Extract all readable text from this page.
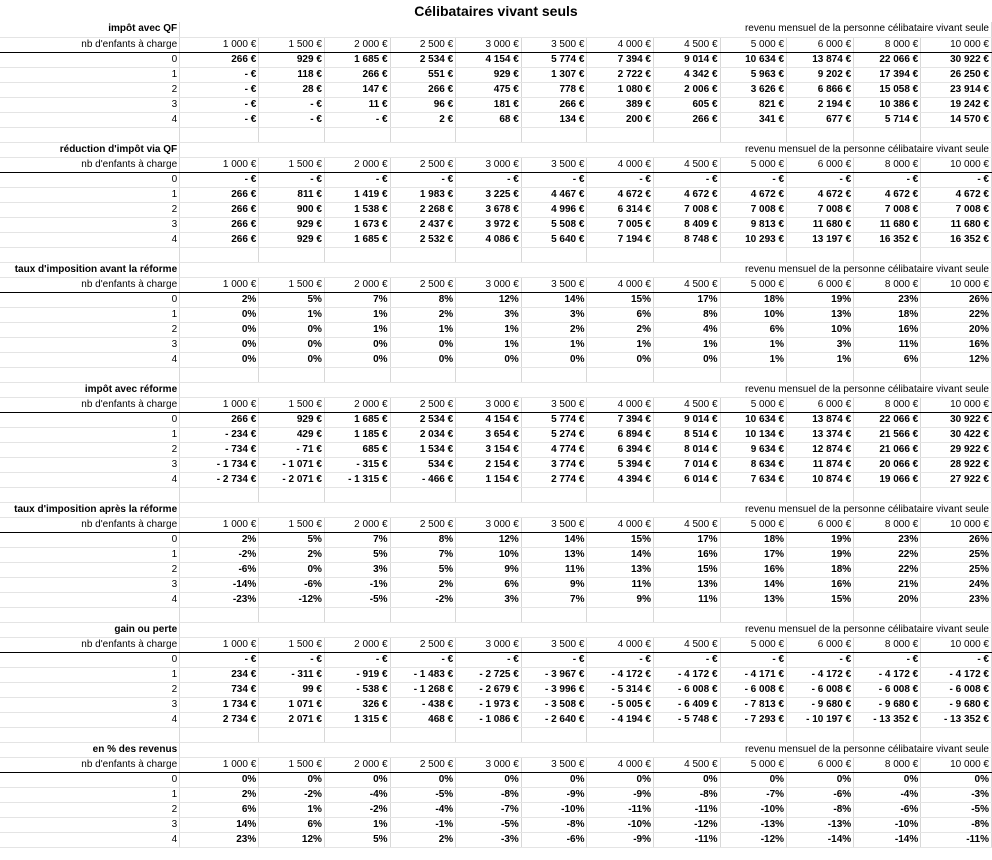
Célibataires vivant seuls
impôt avec QF	revenu mensuel de la personne célibataire vivant seule											
nb d'enfants à charge	1 000 €	1 500 €	2 000 €	2 500 €	3 000 €	3 500 €	4 000 €	4 500 €	5 000 €	6 000 €	8 000 €	10 000 €
0	266 €	929 €	1 685 €	2 534 €	4 154 €	5 774 €	7 394 €	9 014 €	10 634 €	13 874 €	22 066 €	30 922 €
1	- €	118 €	266 €	551 €	929 €	1 307 €	2 722 €	4 342 €	5 963 €	9 202 €	17 394 €	26 250 €
2	- €	28 €	147 €	266 €	475 €	778 €	1 080 €	2 006 €	3 626 €	6 866 €	15 058 €	23 914 €
3	- €	- €	11 €	96 €	181 €	266 €	389 €	605 €	821 €	2 194 €	10 386 €	19 242 €
4	- €	- €	- €	2 €	68 €	134 €	200 €	266 €	341 €	677 €	5 714 €	14 570 €

réduction d'impôt via QF	revenu mensuel de la personne célibataire vivant seule											
nb d'enfants à charge	1 000 €	1 500 €	2 000 €	2 500 €	3 000 €	3 500 €	4 000 €	4 500 €	5 000 €	6 000 €	8 000 €	10 000 €
0	- €	- €	- €	- €	- €	- €	- €	- €	- €	- €	- €	- €
1	266 €	811 €	1 419 €	1 983 €	3 225 €	4 467 €	4 672 €	4 672 €	4 672 €	4 672 €	4 672 €	4 672 €
2	266 €	900 €	1 538 €	2 268 €	3 678 €	4 996 €	6 314 €	7 008 €	7 008 €	7 008 €	7 008 €	7 008 €
3	266 €	929 €	1 673 €	2 437 €	3 972 €	5 508 €	7 005 €	8 409 €	9 813 €	11 680 €	11 680 €	11 680 €
4	266 €	929 €	1 685 €	2 532 €	4 086 €	5 640 €	7 194 €	8 748 €	10 293 €	13 197 €	16 352 €	16 352 €

taux d'imposition avant la réforme	revenu mensuel de la personne célibataire vivant seule											
nb d'enfants à charge	1 000 €	1 500 €	2 000 €	2 500 €	3 000 €	3 500 €	4 000 €	4 500 €	5 000 €	6 000 €	8 000 €	10 000 €
0	2%	5%	7%	8%	12%	14%	15%	17%	18%	19%	23%	26%
1	0%	1%	1%	2%	3%	3%	6%	8%	10%	13%	18%	22%
2	0%	0%	1%	1%	1%	2%	2%	4%	6%	10%	16%	20%
3	0%	0%	0%	0%	1%	1%	1%	1%	1%	3%	11%	16%
4	0%	0%	0%	0%	0%	0%	0%	0%	1%	1%	6%	12%

impôt avec réforme	revenu mensuel de la personne célibataire vivant seule											
nb d'enfants à charge	1 000 €	1 500 €	2 000 €	2 500 €	3 000 €	3 500 €	4 000 €	4 500 €	5 000 €	6 000 €	8 000 €	10 000 €
0	266 €	929 €	1 685 €	2 534 €	4 154 €	5 774 €	7 394 €	9 014 €	10 634 €	13 874 €	22 066 €	30 922 €
1	- 234 €	429 €	1 185 €	2 034 €	3 654 €	5 274 €	6 894 €	8 514 €	10 134 €	13 374 €	21 566 €	30 422 €
2	- 734 €	- 71 €	685 €	1 534 €	3 154 €	4 774 €	6 394 €	8 014 €	9 634 €	12 874 €	21 066 €	29 922 €
3	- 1 734 €	- 1 071 €	- 315 €	534 €	2 154 €	3 774 €	5 394 €	7 014 €	8 634 €	11 874 €	20 066 €	28 922 €
4	- 2 734 €	- 2 071 €	- 1 315 €	- 466 €	1 154 €	2 774 €	4 394 €	6 014 €	7 634 €	10 874 €	19 066 €	27 922 €

taux d'imposition après la réforme	revenu mensuel de la personne célibataire vivant seule											
nb d'enfants à charge	1 000 €	1 500 €	2 000 €	2 500 €	3 000 €	3 500 €	4 000 €	4 500 €	5 000 €	6 000 €	8 000 €	10 000 €
0	2%	5%	7%	8%	12%	14%	15%	17%	18%	19%	23%	26%
1	-2%	2%	5%	7%	10%	13%	14%	16%	17%	19%	22%	25%
2	-6%	0%	3%	5%	9%	11%	13%	15%	16%	18%	22%	25%
3	-14%	-6%	-1%	2%	6%	9%	11%	13%	14%	16%	21%	24%
4	-23%	-12%	-5%	-2%	3%	7%	9%	11%	13%	15%	20%	23%

gain ou perte	revenu mensuel de la personne célibataire vivant seule											
nb d'enfants à charge	1 000 €	1 500 €	2 000 €	2 500 €	3 000 €	3 500 €	4 000 €	4 500 €	5 000 €	6 000 €	8 000 €	10 000 €
0	- €	- €	- €	- €	- €	- €	- €	- €	- €	- €	- €	- €
1	234 €	- 311 €	- 919 €	- 1 483 €	- 2 725 €	- 3 967 €	- 4 172 €	- 4 172 €	- 4 171 €	- 4 172 €	- 4 172 €	- 4 172 €
2	734 €	99 €	- 538 €	- 1 268 €	- 2 679 €	- 3 996 €	- 5 314 €	- 6 008 €	- 6 008 €	- 6 008 €	- 6 008 €	- 6 008 €
3	1 734 €	1 071 €	326 €	- 438 €	- 1 973 €	- 3 508 €	- 5 005 €	- 6 409 €	- 7 813 €	- 9 680 €	- 9 680 €	- 9 680 €
4	2 734 €	2 071 €	1 315 €	468 €	- 1 086 €	- 2 640 €	- 4 194 €	- 5 748 €	- 7 293 €	- 10 197 €	- 13 352 €	- 13 352 €

en % des revenus	revenu mensuel de la personne célibataire vivant seule											
nb d'enfants à charge	1 000 €	1 500 €	2 000 €	2 500 €	3 000 €	3 500 €	4 000 €	4 500 €	5 000 €	6 000 €	8 000 €	10 000 €
0	0%	0%	0%	0%	0%	0%	0%	0%	0%	0%	0%	0%
1	2%	-2%	-4%	-5%	-8%	-9%	-9%	-8%	-7%	-6%	-4%	-3%
2	6%	1%	-2%	-4%	-7%	-10%	-11%	-11%	-10%	-8%	-6%	-5%
3	14%	6%	1%	-1%	-5%	-8%	-10%	-12%	-13%	-13%	-10%	-8%
4	23%	12%	5%	2%	-3%	-6%	-9%	-11%	-12%	-14%	-14%	-11%
